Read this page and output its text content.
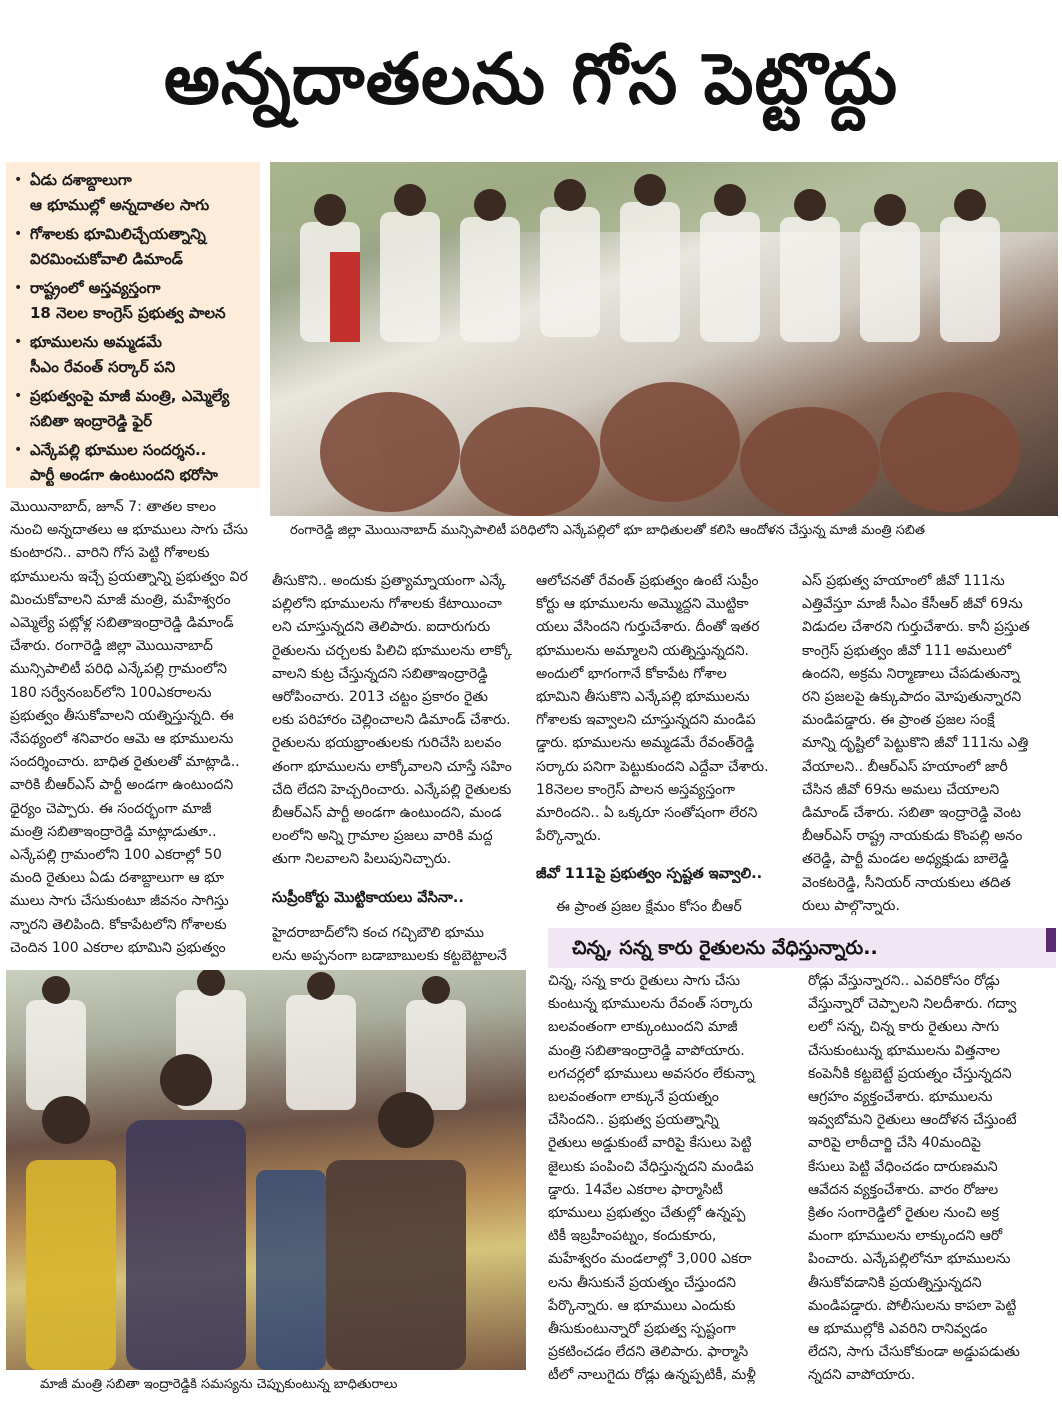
అన్నదాతలను గోస పెట్టొద్దు
• ఏడు దశాబ్దాలుగా
ఆ భూముల్లో అన్నదాతల సాగు
• గోశాలకు భూమిలిచ్చేయత్నాన్ని
విరమించుకోవాలి డిమాండ్
• రాష్ట్రంలో అస్తవ్యస్తంగా
18 నెలల కాంగ్రెస్ ప్రభుత్వ పాలన
• భూములను అమ్మడమే
సీఎం రేవంత్ సర్కార్ పని
• ప్రభుత్వంపై మాజీ మంత్రి, ఎమ్మెల్యే
సబితా ఇంద్రారెడ్డి ఫైర్
• ఎన్కేపల్లి భూముల సందర్శన..
పార్టీ అండగా ఉంటుందని భరోసా
రంగారెడ్డి జిల్లా మొయినాబాద్ మున్సిపాలిటీ పరిధిలోని ఎన్కేపల్లిలో భూ బాధితులతో కలిసి ఆందోళన చేస్తున్న మాజీ మంత్రి సబిత
మొయినాబాద్, జూన్ 7: తాతల కాలం
నుంచి అన్నదాతలు ఆ భూములు సాగు చేసు
కుంటారని.. వారిని గోస పెట్టి గోశాలకు
భూములను ఇచ్చే ప్రయత్నాన్ని ప్రభుత్వం విర
మించుకోవాలని మాజీ మంత్రి, మహేశ్వరం
ఎమ్మెల్యే పట్లోళ్ల సబితాఇంద్రారెడ్డి డిమాండ్
చేశారు. రంగారెడ్డి జిల్లా మొయినాబాద్
మున్సిపాలిటీ పరిధి ఎన్కేపల్లి గ్రామంలోని
180 సర్వేనంబర్‌లోని 100ఎకరాలను
ప్రభుత్వం తీసుకోవాలని యత్నిస్తున్నది. ఈ
నేపథ్యంలో శనివారం ఆమె ఆ భూములను
సందర్శించారు. బాధిత రైతులతో మాట్లాడి..
వారికి బీఆర్ఎస్ పార్టీ అండగా ఉంటుందని
ధైర్యం చెప్పారు. ఈ సందర్భంగా మాజీ
మంత్రి సబితాఇంద్రారెడ్డి మాట్లాడుతూ..
ఎన్కేపల్లి గ్రామంలోని 100 ఎకరాల్లో 50
మంది రైతులు ఏడు దశాబ్దాలుగా ఆ భూ
ములు సాగు చేసుకుంటూ జీవనం సాగిస్తు
న్నారని తెలిపింది. కోకాపేటలోని గోశాలకు
చెందిన 100 ఎకరాల భూమిని ప్రభుత్వం
తీసుకొని.. అందుకు ప్రత్యామ్నాయంగా ఎన్కే
పల్లిలోని భూములను గోశాలకు కేటాయించా
లని చూస్తున్నదని తెలిపారు. ఐదారుగురు
రైతులను చర్చలకు పిలిచి భూములను లాక్కో
వాలని కుట్ర చేస్తున్నదని సబితాఇంద్రారెడ్డి
ఆరోపించారు. 2013 చట్టం ప్రకారం రైతు
లకు పరిహారం చెల్లించాలని డిమాండ్ చేశారు.
రైతులను భయభ్రాంతులకు గురిచేసి బలవం
తంగా భూములను లాక్కోవాలని చూస్తే సహిం
చేది లేదని హెచ్చరించారు. ఎన్కేపల్లి రైతులకు
బీఆర్ఎస్ పార్టీ అండగా ఉంటుందని, మండ
లంలోని అన్ని గ్రామాల ప్రజలు వారికి మద్ద
తుగా నిలవాలని పిలుపునిచ్చారు.
సుప్రీంకోర్టు మొట్టికాయలు వేసినా..
హైదరాబాద్‌లోని కంచ గచ్చిబౌలి భూము
లను అప్పనంగా బడాబాబులకు కట్టబెట్టాలనే
ఆలోచనతో రేవంత్ ప్రభుత్వం ఉంటే సుప్రీం
కోర్టు ఆ భూములను అమ్మొద్దని మొట్టికా
యలు వేసిందని గుర్తుచేశారు. దీంతో ఇతర
భూములను అమ్మాలని యత్నిస్తున్నదని.
అందులో భాగంగానే కోకాపేట గోశాల
భూమిని తీసుకొని ఎన్కేపల్లి భూములను
గోశాలకు ఇవ్వాలని చూస్తున్నదని మండిప
డ్డారు. భూములను అమ్మడమే రేవంత్‌రెడ్డి
సర్కారు పనిగా పెట్టుకుందని ఎద్దేవా చేశారు.
18నెలల కాంగ్రెస్ పాలన అస్తవ్యస్తంగా
మారిందని.. ఏ ఒక్కరూ సంతోషంగా లేరని
పేర్కొన్నారు.
జీవో 111పై ప్రభుత్వం స్పష్టత ఇవ్వాలి..
ఈ ప్రాంత ప్రజల క్షేమం కోసం బీఆర్
ఎస్ ప్రభుత్వ హయాంలో జీవో 111ను
ఎత్తివేస్తూ మాజీ సీఎం కేసీఆర్ జీవో 69ను
విడుదల చేశారని గుర్తుచేశారు. కానీ ప్రస్తుత
కాంగ్రెస్ ప్రభుత్వం జీవో 111 అమలులో
ఉందని, అక్రమ నిర్మాణాలు చేపడుతున్నా
రని ప్రజలపై ఉక్కుపాదం మోపుతున్నారని
మండిపడ్డారు. ఈ ప్రాంత ప్రజల సంక్షే
మాన్ని దృష్టిలో పెట్టుకొని జీవో 111ను ఎత్తి
వేయాలని.. బీఆర్ఎస్ హయాంలో జారీ
చేసిన జీవో 69ను అమలు చేయాలని
డిమాండ్ చేశారు. సబితా ఇంద్రారెడ్డి వెంట
బీఆర్ఎస్ రాష్ట్ర నాయకుడు కొంపల్లి అనం
తరెడ్డి, పార్టీ మండల అధ్యక్షుడు బాలెడ్డి
వెంకటరెడ్డి, సీనియర్ నాయకులు తదిత
రులు పాల్గొన్నారు.
చిన్న, సన్న కారు రైతులను వేధిస్తున్నారు..
చిన్న, సన్న కారు రైతులు సాగు చేసు
కుంటున్న భూములను రేవంత్ సర్కారు
బలవంతంగా లాక్కుంటుందని మాజీ
మంత్రి సబితాఇంద్రారెడ్డి వాపోయారు.
లగచర్లలో భూములు అవసరం లేకున్నా
బలవంతంగా లాక్కునే ప్రయత్నం
చేసిందని.. ప్రభుత్వ ప్రయత్నాన్ని
రైతులు అడ్డుకుంటే వారిపై కేసులు పెట్టి
జైలుకు పంపించి వేధిస్తున్నదని మండిప
డ్డారు. 14వేల ఎకరాల ఫార్మాసిటీ
భూములు ప్రభుత్వం చేతుల్లో ఉన్నప్ప
టికీ ఇబ్రహీంపట్నం, కందుకూరు,
మహేశ్వరం మండలాల్లో 3,000 ఎకరా
లను తీసుకునే ప్రయత్నం చేస్తుందని
పేర్కొన్నారు. ఆ భూములు ఎందుకు
తీసుకుంటున్నారో ప్రభుత్వ స్పష్టంగా
ప్రకటించడం లేదని తెలిపారు. ఫార్మాసి
టీలో నాలుగైదు రోడ్లు ఉన్నప్పటికీ, మళ్లీ
రోడ్లు వేస్తున్నారని.. ఎవరికోసం రోడ్లు
వేస్తున్నారో చెప్పాలని నిలదీశారు. గద్వా
లలో సన్న, చిన్న కారు రైతులు సాగు
చేసుకుంటున్న భూములను విత్తనాల
కంపెనీకి కట్టబెట్టే ప్రయత్నం చేస్తున్నదని
ఆగ్రహం వ్యక్తంచేశారు. భూములను
ఇవ్వబోమని రైతులు ఆందోళన చేస్తుంటే
వారిపై లాఠీచార్జి చేసి 40మందిపై
కేసులు పెట్టి వేధించడం దారుణమని
ఆవేదన వ్యక్తంచేశారు. వారం రోజుల
క్రితం సంగారెడ్డిలో రైతుల నుంచి అక్ర
మంగా భూములను లాక్కుందని ఆరో
పించారు. ఎన్కేపల్లిలోనూ భూములను
తీసుకోవడానికి ప్రయత్నిస్తున్నదని
మండిపడ్డారు. పోలీసులను కాపలా పెట్టి
ఆ భూముల్లోకి ఎవరిని రానివ్వడం
లేదని, సాగు చేసుకోకుండా అడ్డుపడుతు
న్నదని వాపోయారు.
మాజీ మంత్రి సబితా ఇంద్రారెడ్డికి సమస్యను చెప్పుకుంటున్న బాధితురాలు
